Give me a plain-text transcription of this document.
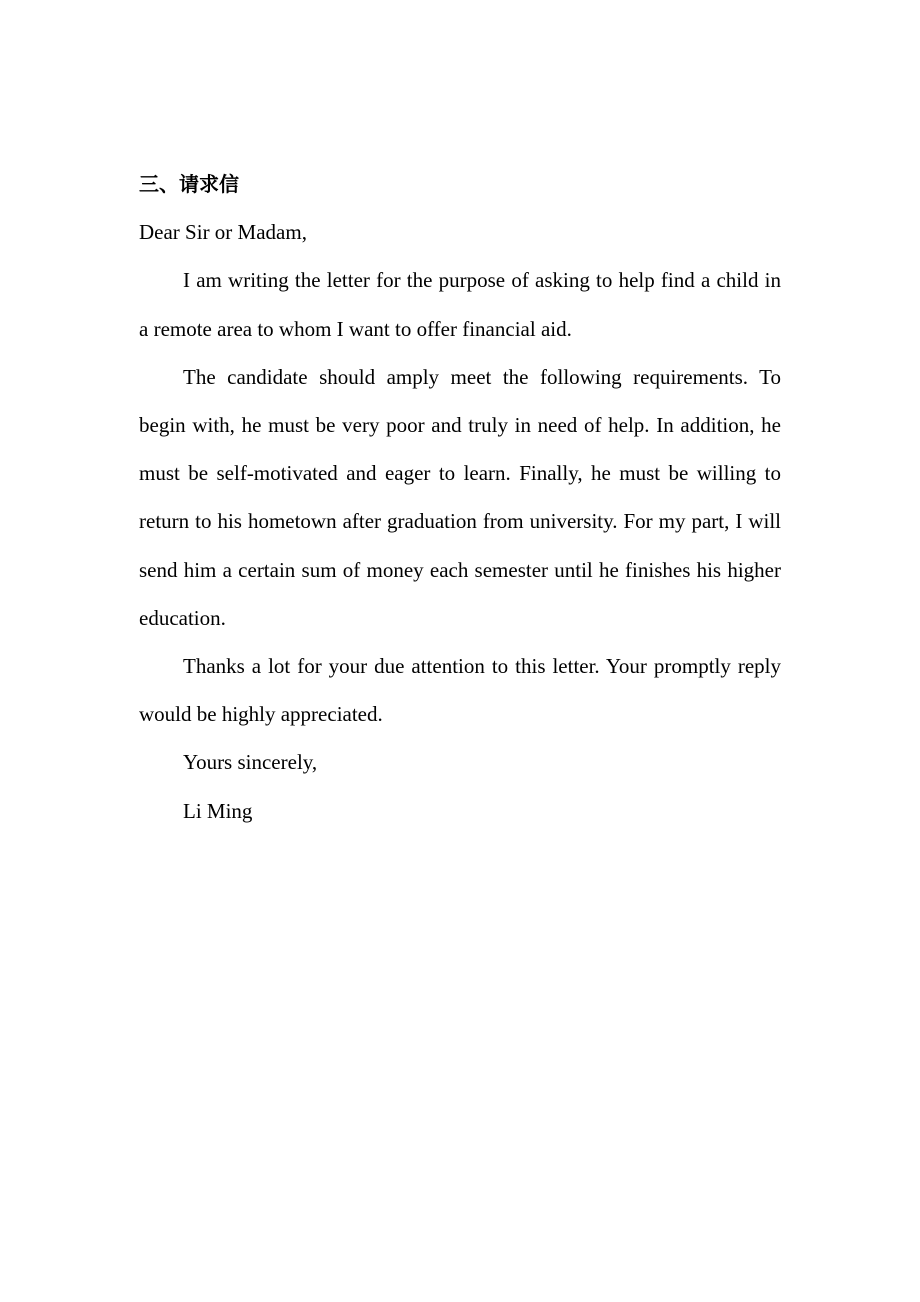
三、请求信

Dear Sir or Madam,

I am writing the letter for the purpose of asking to help find a child in a remote area to whom I want to offer financial aid.

The candidate should amply meet the following requirements. To begin with, he must be very poor and truly in need of help. In addition, he must be self-motivated and eager to learn. Finally, he must be willing to return to his hometown after graduation from university. For my part, I will send him a certain sum of money each semester until he finishes his higher education.

Thanks a lot for your due attention to this letter. Your promptly reply would be highly appreciated.

Yours sincerely,

Li Ming
